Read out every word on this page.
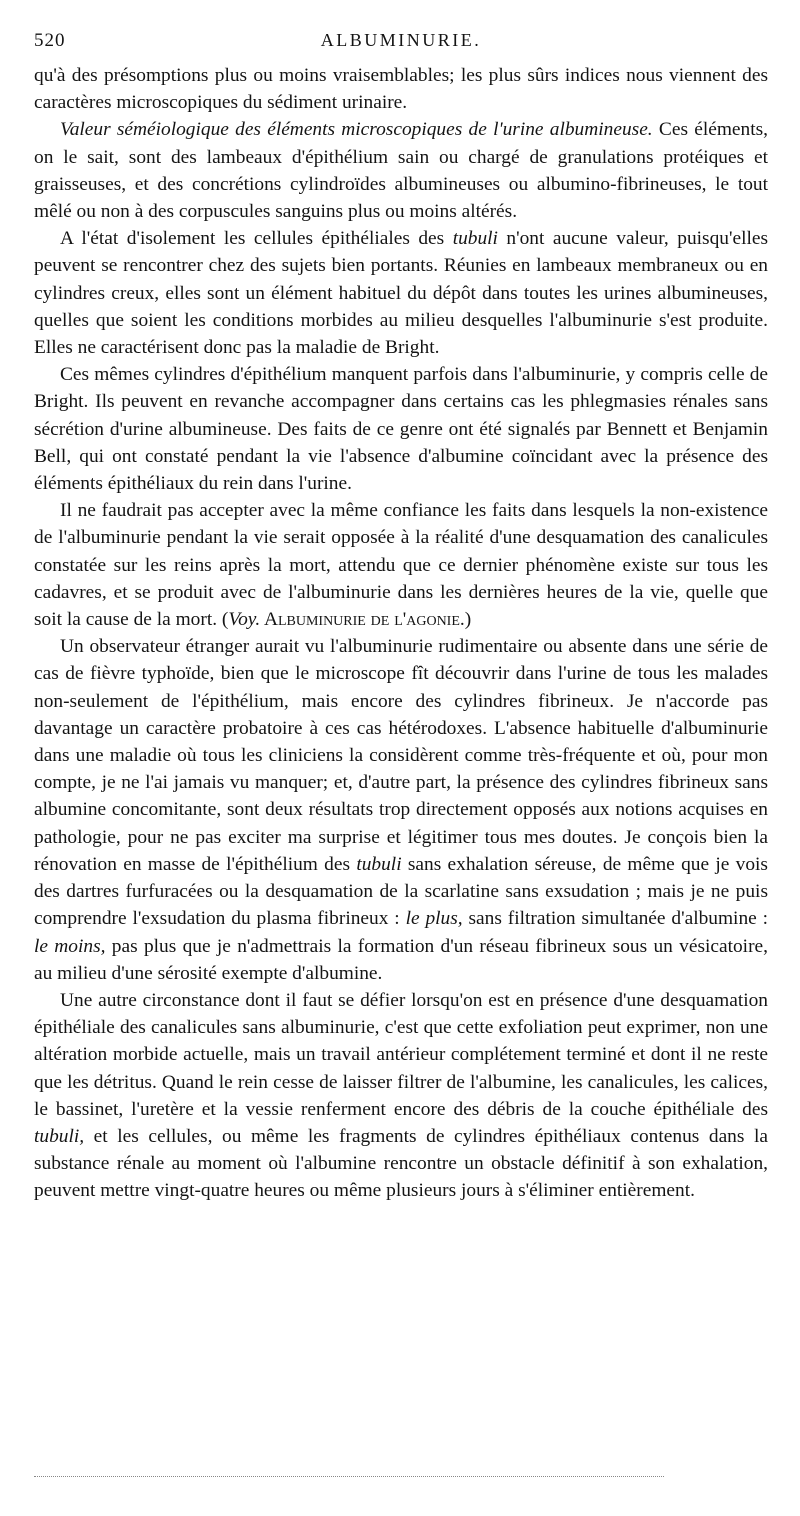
520	ALBUMINURIE.

qu'à des présomptions plus ou moins vraisemblables; les plus sûrs indices nous viennent des caractères microscopiques du sédiment urinaire.

Valeur séméiologique des éléments microscopiques de l'urine albumineuse. Ces éléments, on le sait, sont des lambeaux d'épithélium sain ou chargé de granulations protéiques et graisseuses, et des concrétions cylindroïdes albumineuses ou albumino-fibrineuses, le tout mêlé ou non à des corpuscules sanguins plus ou moins altérés.

A l'état d'isolement les cellules épithéliales des tubuli n'ont aucune valeur, puisqu'elles peuvent se rencontrer chez des sujets bien portants. Réunies en lambeaux membraneux ou en cylindres creux, elles sont un élément habituel du dépôt dans toutes les urines albumineuses, quelles que soient les conditions morbides au milieu desquelles l'albuminurie s'est produite. Elles ne caractérisent donc pas la maladie de Bright.

Ces mêmes cylindres d'épithélium manquent parfois dans l'albuminurie, y compris celle de Bright. Ils peuvent en revanche accompagner dans certains cas les phlegmasies rénales sans sécrétion d'urine albumineuse. Des faits de ce genre ont été signalés par Bennett et Benjamin Bell, qui ont constaté pendant la vie l'absence d'albumine coïncidant avec la présence des éléments épithéliaux du rein dans l'urine.

Il ne faudrait pas accepter avec la même confiance les faits dans lesquels la non-existence de l'albuminurie pendant la vie serait opposée à la réalité d'une desquamation des canalicules constatée sur les reins après la mort, attendu que ce dernier phénomène existe sur tous les cadavres, et se produit avec de l'albuminurie dans les dernières heures de la vie, quelle que soit la cause de la mort. (Voy. Albuminurie de l'agonie.)

Un observateur étranger aurait vu l'albuminurie rudimentaire ou absente dans une série de cas de fièvre typhoïde, bien que le microscope fît découvrir dans l'urine de tous les malades non-seulement de l'épithélium, mais encore des cylindres fibrineux. Je n'accorde pas davantage un caractère probatoire à ces cas hétérodoxes. L'absence habituelle d'albuminurie dans une maladie où tous les cliniciens la considèrent comme très-fréquente et où, pour mon compte, je ne l'ai jamais vu manquer; et, d'autre part, la présence des cylindres fibrineux sans albumine concomitante, sont deux résultats trop directement opposés aux notions acquises en pathologie, pour ne pas exciter ma surprise et légitimer tous mes doutes. Je conçois bien la rénovation en masse de l'épithélium des tubuli sans exhalation séreuse, de même que je vois des dartres furfuracées ou la desquamation de la scarlatine sans exsudation ; mais je ne puis comprendre l'exsudation du plasma fibrineux : le plus, sans filtration simultanée d'albumine : le moins, pas plus que je n'admettrais la formation d'un réseau fibrineux sous un vésicatoire, au milieu d'une sérosité exempte d'albumine.

Une autre circonstance dont il faut se défier lorsqu'on est en présence d'une desquamation épithéliale des canalicules sans albuminurie, c'est que cette exfoliation peut exprimer, non une altération morbide actuelle, mais un travail antérieur complétement terminé et dont il ne reste que les détritus. Quand le rein cesse de laisser filtrer de l'albumine, les canalicules, les calices, le bassinet, l'uretère et la vessie renferment encore des débris de la couche épithéliale des tubuli, et les cellules, ou même les fragments de cylindres épithéliaux contenus dans la substance rénale au moment où l'albumine rencontre un obstacle définitif à son exhalation, peuvent mettre vingt-quatre heures ou même plusieurs jours à s'éliminer entièrement.
